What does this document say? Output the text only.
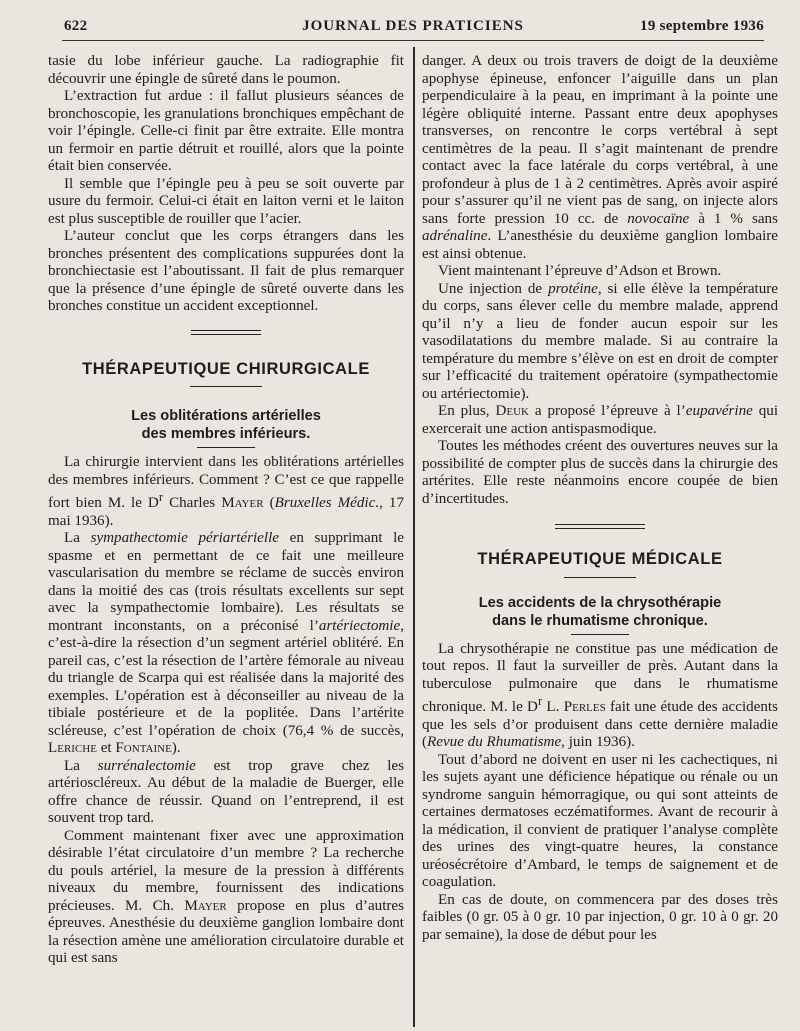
622	JOURNAL DES PRATICIENS	19 septembre 1936

tasie du lobe inférieur gauche. La radiographie fit découvrir une épingle de sûreté dans le poumon.

L’extraction fut ardue : il fallut plusieurs séances de bronchoscopie, les granulations bronchiques empêchant de voir l’épingle. Celle-ci finit par être extraite. Elle montra un fermoir en partie détruit et rouillé, alors que la pointe était bien conservée.

Il semble que l’épingle peu à peu se soit ouverte par usure du fermoir. Celui-ci était en laiton verni et le laiton est plus susceptible de rouiller que l’acier.

L’auteur conclut que les corps étrangers dans les bronches présentent des complications suppurées dont la bronchiectasie est l’aboutissant. Il fait de plus remarquer que la présence d’une épingle de sûreté ouverte dans les bronches constitue un accident exceptionnel.

THÉRAPEUTIQUE CHIRURGICALE
Les oblitérations artérielles
des membres inférieurs.

La chirurgie intervient dans les oblitérations artérielles des membres inférieurs. Comment ? C’est ce que rappelle fort bien M. le $D^r$ Charles Mayer (Bruxelles Médic., 17 mai 1936).

La sympathectomie périartérielle en supprimant le spasme et en permettant de ce fait une meilleure vascularisation du membre se réclame de succès environ dans la moitié des cas (trois résultats excellents sur sept avec la sympathectomie lombaire). Les résultats se montrant inconstants, on a préconisé l’artériectomie, c’est-à-dire la résection d’un segment artériel oblitéré. En pareil cas, c’est la résection de l’artère fémorale au niveau du triangle de Scarpa qui est réalisée dans la majorité des exemples. L’opération est à déconseiller au niveau de la tibiale postérieure et de la poplitée. Dans l’artérite scléreuse, c’est l’opération de choix (76,4 % de succès, Leriche et Fontaine).

La surrénalectomie est trop grave chez les artérioscléreux. Au début de la maladie de Buerger, elle offre chance de réussir. Quand on l’entreprend, il est souvent trop tard.

Comment maintenant fixer avec une approximation désirable l’état circulatoire d’un membre ? La recherche du pouls artériel, la mesure de la pression à différents niveaux du membre, fournissent des indications précieuses. M. Ch. Mayer propose en plus d’autres épreuves. Anesthésie du deuxième ganglion lombaire dont la résection amène une amélioration circulatoire durable et qui est sans

danger. A deux ou trois travers de doigt de la deuxième apophyse épineuse, enfoncer l’aiguille dans un plan perpendiculaire à la peau, en imprimant à la pointe une légère obliquité interne. Passant entre deux apophyses transverses, on rencontre le corps vertébral à sept centimètres de la peau. Il s’agit maintenant de prendre contact avec la face latérale du corps vertébral, à une profondeur à plus de 1 à 2 centimètres. Après avoir aspiré pour s’assurer qu’il ne vient pas de sang, on injecte alors sans forte pression 10 cc. de novocaïne à 1 % sans adrénaline. L’anesthésie du deuxième ganglion lombaire est ainsi obtenue.

Vient maintenant l’épreuve d’Adson et Brown.

Une injection de protéine, si elle élève la température du corps, sans élever celle du membre malade, apprend qu’il n’y a lieu de fonder aucun espoir sur les vasodilatations du membre malade. Si au contraire la température du membre s’élève on est en droit de compter sur l’efficacité du traitement opératoire (sympathectomie ou artériectomie).

En plus, Deuk a proposé l’épreuve à l’eupavérine qui exercerait une action antispasmodique.

Toutes les méthodes créent des ouvertures neuves sur la possibilité de compter plus de succès dans la chirurgie des artérites. Elle reste néanmoins encore coupée de bien d’incertitudes.

THÉRAPEUTIQUE MÉDICALE
Les accidents de la chrysothérapie
dans le rhumatisme chronique.

La chrysothérapie ne constitue pas une médication de tout repos. Il faut la surveiller de près. Autant dans la tuberculose pulmonaire que dans le rhumatisme chronique. M. le $D^r$ L. Perles fait une étude des accidents que les sels d’or produisent dans cette dernière maladie (Revue du Rhumatisme, juin 1936).

Tout d’abord ne doivent en user ni les cachectiques, ni les sujets ayant une déficience hépatique ou rénale ou un syndrome sanguin hémorragique, ou qui sont atteints de certaines dermatoses eczématiformes. Avant de recourir à la médication, il convient de pratiquer l’analyse complète des urines des vingt-quatre heures, la constance uréosécrétoire d’Ambard, le temps de saignement et de coagulation.

En cas de doute, on commencera par des doses très faibles (0 gr. 05 à 0 gr. 10 par injection, 0 gr. 10 à 0 gr. 20 par semaine), la dose de début pour les
